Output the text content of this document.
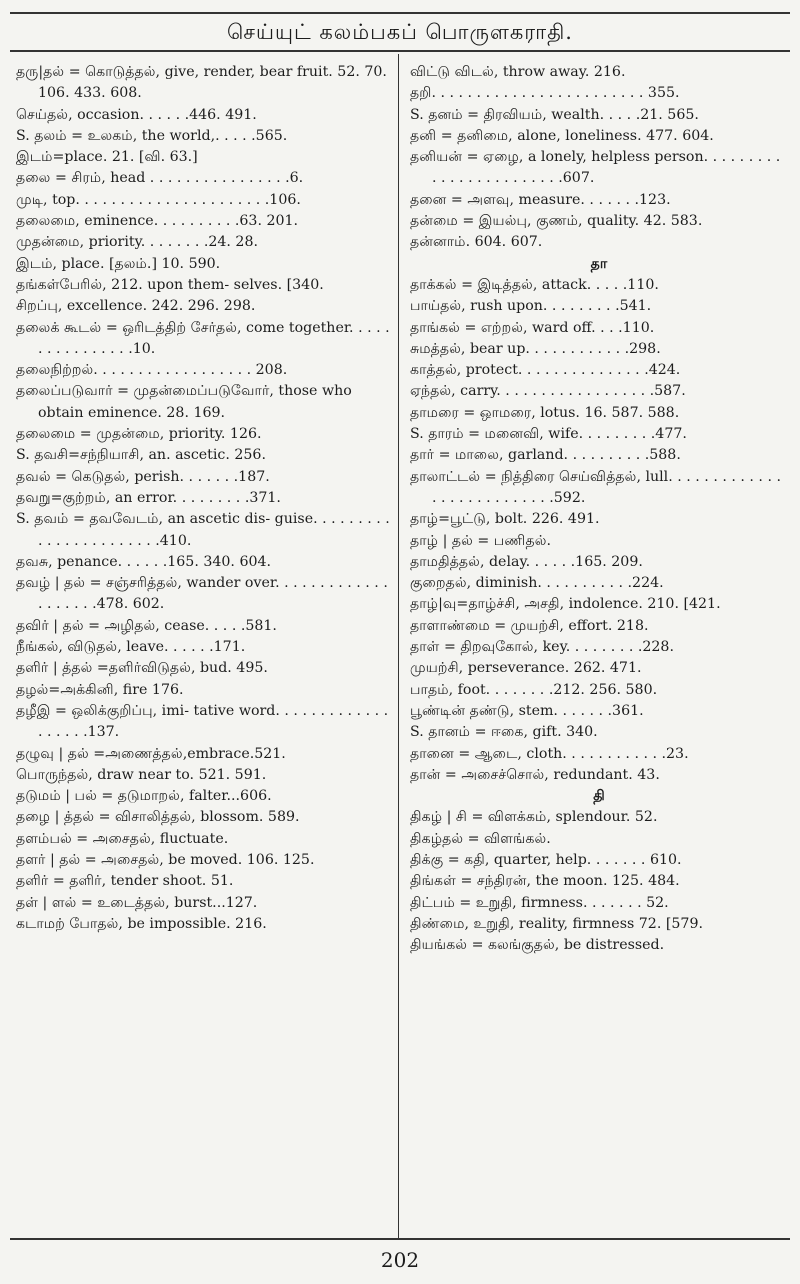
செய்யுட் கலம்பகப் பொருளகராதி.

தரு|தல் = கொடுத்தல், give, render, bear fruit. 52. 70. 106. 433. 608.

செய்தல், occasion. . . . . .446. 491.

S. தலம் = உலகம், the world,. . . . .565.

இடம்=place. 21. [வி. 63.]

தலை = சிரம், head . . . . . . . . . . . . . . . .6.

முடி, top. . . . . . . . . . . . . . . . . . . . . .106.

தலைமை, eminence. . . . . . . . . .63. 201.

முதன்மை, priority. . . . . . . .24. 28.

இடம், place. [தலம்.] 10. 590.

தங்கள்பேரில், 212. upon them- selves. [340.

சிறப்பு, excellence. 242. 296. 298.

தலைக் கூடல் = ஒரிடத்திற் சேர்தல், come together. . . . . . . . . . . . . . . .10.

தலைநிற்றல். . . . . . . . . . . . . . . . . . 208.

தலைப்படுவார் = முதன்மைப்படுவோர், those who obtain eminence. 28. 169.

தலைமை = முதன்மை, priority. 126.

S. தவசி=சந்நியாசி, an. ascetic. 256.

தவல் = கெடுதல், perish. . . . . . .187.

தவறு=குற்றம், an error. . . . . . . . .371.

S. தவம் = தவவேடம், an ascetic dis- guise. . . . . . . . . . . . . . . . . . . . . . .410.

தவசு, penance. . . . . .165. 340. 604.

தவழ் | தல் = சஞ்சரித்தல், wander over. . . . . . . . . . . . . . . . . . . .478. 602.

தவிர் | தல் = அழிதல், cease. . . . .581.

நீங்கல், விடுதல், leave. . . . . .171.

தளிர் | த்தல் =தளிர்விடுதல், bud. 495.

தழல்=அக்கினி, fire 176.

தழீஇ = ஒலிக்குறிப்பு, imi- tative word. . . . . . . . . . . . . . . . . . .137.

தழுவு | தல் =அணைத்தல்,embrace.521.

பொருந்தல், draw near to. 521. 591.

தடுமம் | பல் = தடுமாறல், falter...606.

தழை | த்தல் = விசாலித்தல், blossom. 589.

தளம்பல் = அசைதல், fluctuate.

தளர் | தல் = அசைதல், be moved. 106. 125.

தளிர் = தளிர், tender shoot. 51.

தள் | ளல் = உடைத்தல், burst...127.

கடாமற் போதல், be impossible. 216.

விட்டு விடல், throw away. 216.

தறி. . . . . . . . . . . . . . . . . . . . . . . . 355.

S. தனம் = திரவியம், wealth. . . . .21. 565.

தனி = தனிமை, alone, loneliness. 477. 604.

தனியன் = ஏழை, a lonely, helpless person. . . . . . . . . . . . . . . . . . . . . . . .607.

தனை = அளவு, measure. . . . . . .123.

தன்மை = இயல்பு, குணம், quality. 42. 583.

தன்னாம். 604. 607.

தா

தாக்கல் = இடித்தல், attack. . . . .110.

பாய்தல், rush upon. . . . . . . . .541.

தாங்கல் = எற்றல், ward off. . . .110.

சுமத்தல், bear up. . . . . . . . . . . .298.

காத்தல், protect. . . . . . . . . . . . . . .424.

ஏந்தல், carry. . . . . . . . . . . . . . . . . .587.

தாமரை = ஒாமரை, lotus. 16. 587. 588.

S. தாரம் = மனைவி, wife. . . . . . . . .477.

தார் = மாலை, garland. . . . . . . . . .588.

தாலாட்டல் = நித்திரை செய்வித்தல், lull. . . . . . . . . . . . . . . . . . . . . . . . . . .592.

தாழ்=பூட்டு, bolt. 226. 491.

தாழ் | தல் = பணிதல்.

தாமதித்தல், delay. . . . . .165. 209.

குறைதல், diminish. . . . . . . . . . .224.

தாழ்|வு=தாழ்ச்சி, அசதி, indolence. 210. [421.

தாளாண்மை = முயற்சி, effort. 218.

தாள் = திறவுகோல், key. . . . . . . . .228.

முயற்சி, perseverance. 262. 471.

பாதம், foot. . . . . . . .212. 256. 580.

பூண்டின் தண்டு, stem. . . . . . .361.

S. தானம் = ஈகை, gift. 340.

தானை = ஆடை, cloth. . . . . . . . . . . .23.

தான் = அசைச்சொல், redundant. 43.

தி

திகழ் | சி = விளக்கம், splendour. 52.

திகழ்தல் = விளங்கல்.

திக்கு = கதி, quarter, help. . . . . . . 610.

திங்கள் = சந்திரன், the moon. 125. 484.

திட்பம் = உறுதி, firmness. . . . . . . 52.

திண்மை, உறுதி, reality, firmness 72. [579.

தியங்கல் = கலங்குதல், be distressed.

202
